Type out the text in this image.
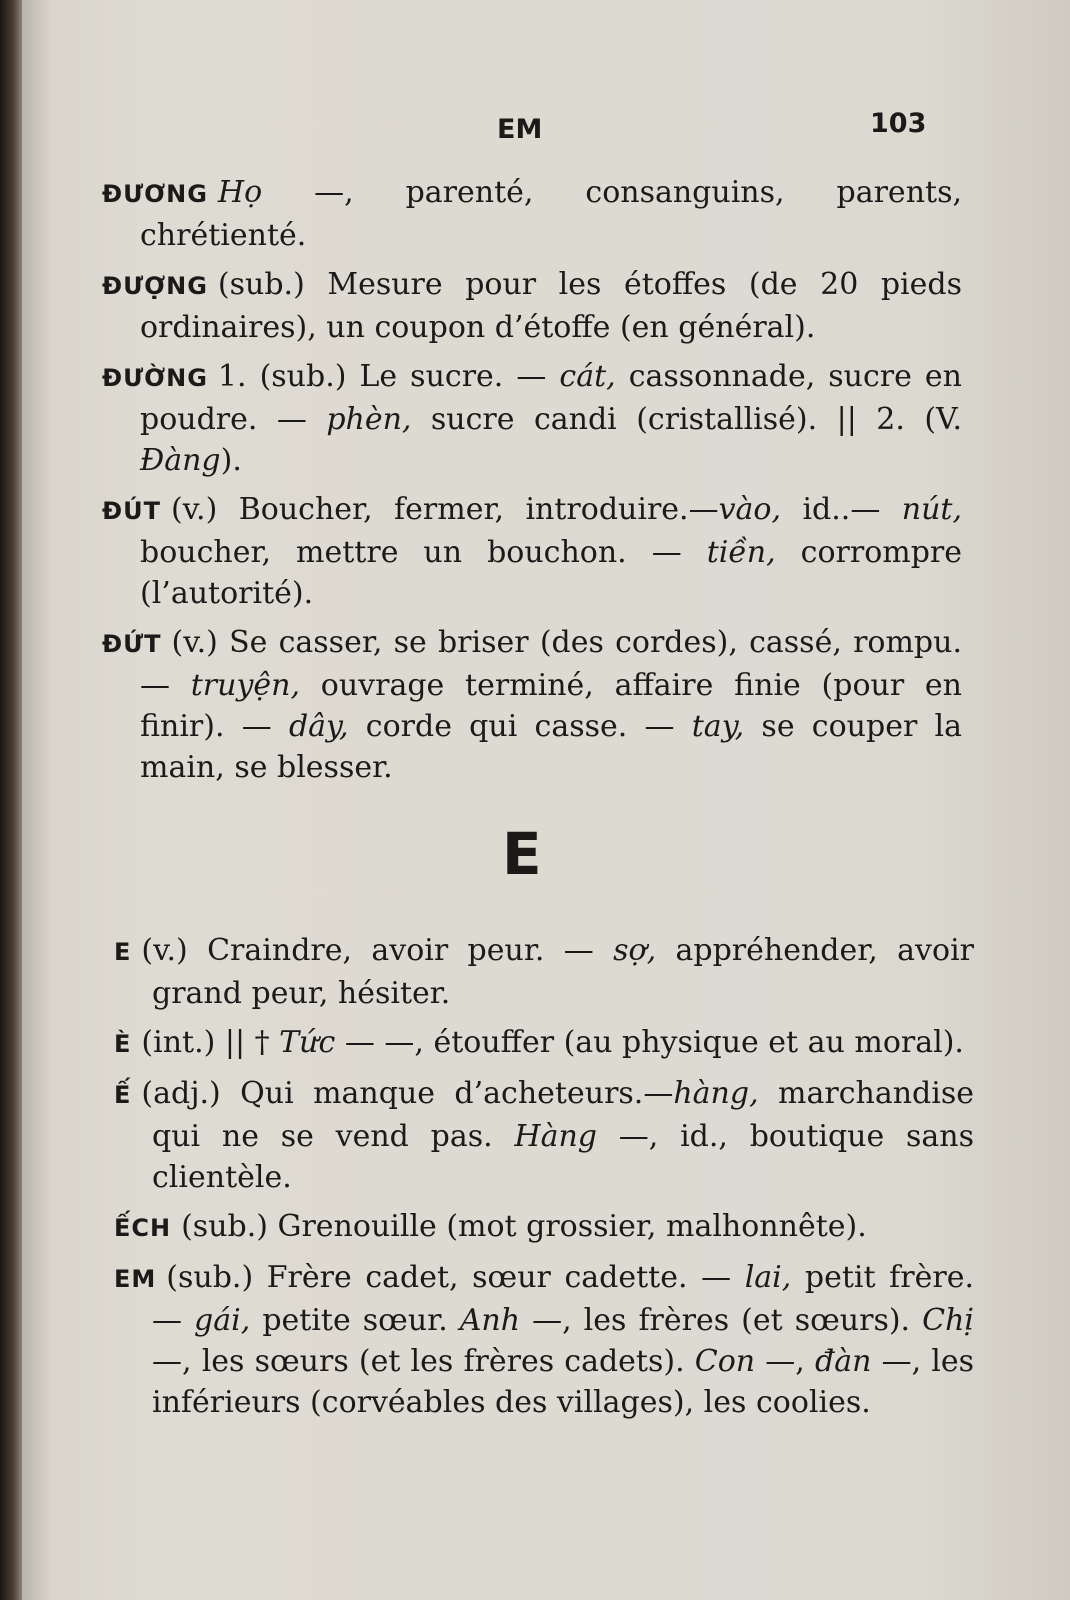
EM	103
ĐƯƠNG Họ —, parenté, consanguins, parents, chrétienté.
ĐƯỢNG (sub.) Mesure pour les étoffes (de 20 pieds ordinaires), un coupon d’étoffe (en général).
ĐƯỜNG 1. (sub.) Le sucre. — cát, cassonnade, sucre en poudre. — phèn, sucre candi (cristallisé). || 2. (V. Đàng).
ĐÚT (v.) Boucher, fermer, introduire.—vào, id..— nút, boucher, mettre un bouchon. — tiền, corrompre (l’autorité).
ĐỨT (v.) Se casser, se briser (des cordes), cassé, rompu. — truyện, ouvrage terminé, affaire finie (pour en finir). — dây, corde qui casse. — tay, se couper la main, se blesser.
E
E (v.) Craindre, avoir peur. — sợ, appréhender, avoir grand peur, hésiter.
È (int.) || † Tức — —, étouffer (au physique et au moral).
Ế (adj.) Qui manque d’acheteurs.—hàng, marchandise qui ne se vend pas. Hàng —, id., boutique sans clientèle.
ẾCH (sub.) Grenouille (mot grossier, malhonnête).
EM (sub.) Frère cadet, sœur cadette. — lai, petit frère. — gái, petite sœur. Anh —, les frères (et sœurs). Chị —, les sœurs (et les frères cadets). Con —, đàn —, les inférieurs (corvéables des villages), les coolies.
